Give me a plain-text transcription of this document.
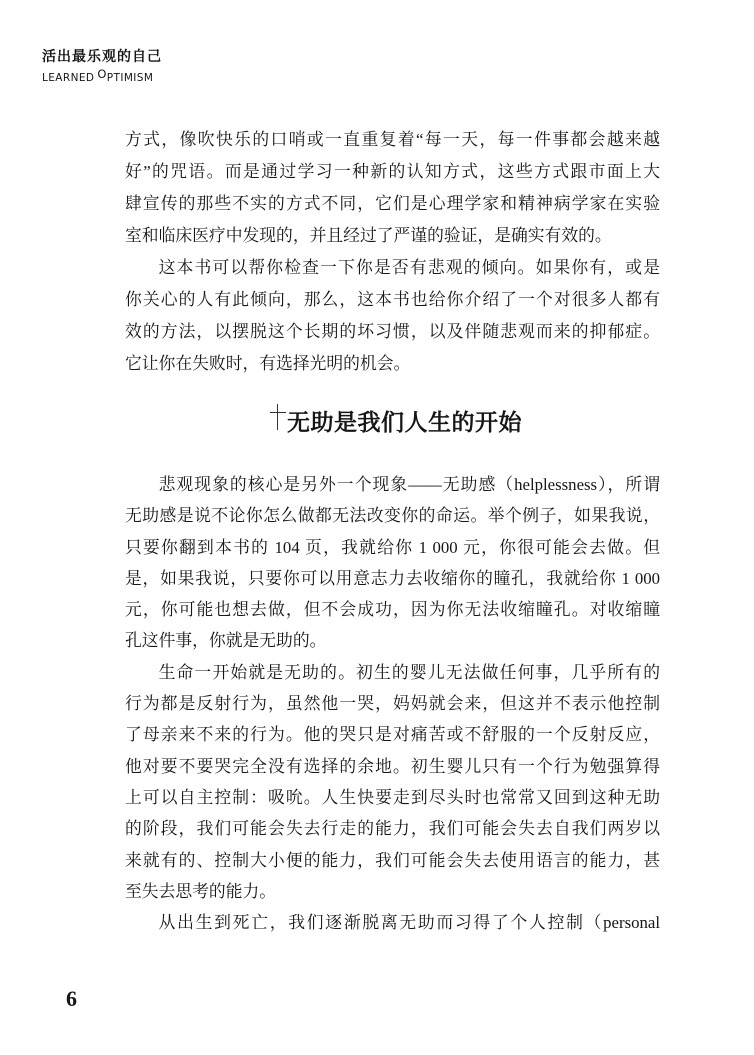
活出最乐观的自己
LEARNED OPTIMISM
方式，像吹快乐的口哨或一直重复着“每一天，每一件事都会越来越
好”的咒语。而是通过学习一种新的认知方式，这些方式跟市面上大
肆宣传的那些不实的方式不同，它们是心理学家和精神病学家在实验
室和临床医疗中发现的，并且经过了严谨的验证，是确实有效的。
这本书可以帮你检查一下你是否有悲观的倾向。如果你有，或是
你关心的人有此倾向，那么，这本书也给你介绍了一个对很多人都有
效的方法，以摆脱这个长期的坏习惯，以及伴随悲观而来的抑郁症。
它让你在失败时，有选择光明的机会。
无助是我们人生的开始
悲观现象的核心是另外一个现象——无助感（helplessness），所谓
无助感是说不论你怎么做都无法改变你的命运。举个例子，如果我说，
只要你翻到本书的 104 页，我就给你 1 000 元，你很可能会去做。但
是，如果我说，只要你可以用意志力去收缩你的瞳孔，我就给你 1 000
元，你可能也想去做，但不会成功，因为你无法收缩瞳孔。对收缩瞳
孔这件事，你就是无助的。
生命一开始就是无助的。初生的婴儿无法做任何事，几乎所有的
行为都是反射行为，虽然他一哭，妈妈就会来，但这并不表示他控制
了母亲来不来的行为。他的哭只是对痛苦或不舒服的一个反射反应，
他对要不要哭完全没有选择的余地。初生婴儿只有一个行为勉强算得
上可以自主控制：吸吮。人生快要走到尽头时也常常又回到这种无助
的阶段，我们可能会失去行走的能力，我们可能会失去自我们两岁以
来就有的、控制大小便的能力，我们可能会失去使用语言的能力，甚
至失去思考的能力。
从出生到死亡，我们逐渐脱离无助而习得了个人控制（personal
6
